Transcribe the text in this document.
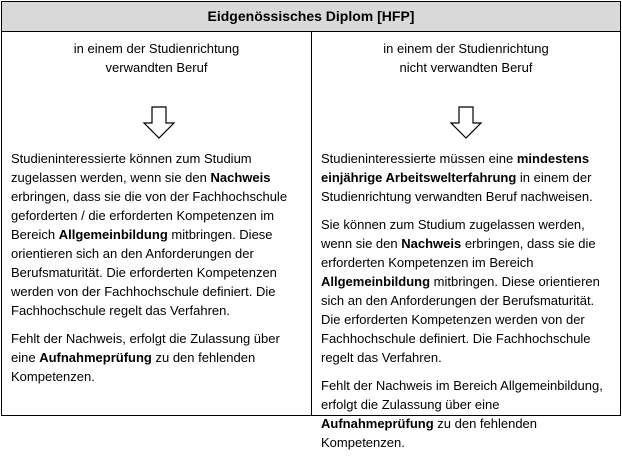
Eidgenössisches Diplom [HFP]
in einem der Studienrichtung
verwandten Beruf

Studieninteressierte können zum Studium zugelassen werden, wenn sie den Nachweis erbringen, dass sie die von der Fachhochschule geforderten / die erforderten Kompetenzen im Bereich Allgemeinbildung mitbringen. Diese orientieren sich an den Anforderungen der Berufsmaturität. Die erforderten Kompetenzen werden von der Fachhochschule definiert. Die Fachhochschule regelt das Verfahren.

Fehlt der Nachweis, erfolgt die Zulassung über eine Aufnahmeprüfung zu den fehlenden Kompetenzen.

in einem der Studienrichtung
nicht verwandten Beruf

Studieninteressierte müssen eine mindestens einjährige Arbeitswelterfahrung in einem der Studienrichtung verwandten Beruf nachweisen.

Sie können zum Studium zugelassen werden, wenn sie den Nachweis erbringen, dass sie die erforderten Kompetenzen im Bereich Allgemeinbildung mitbringen. Diese orientieren sich an den Anforderungen der Berufsmaturität. Die erforderten Kompetenzen werden von der Fachhochschule definiert. Die Fachhochschule regelt das Verfahren.

Fehlt der Nachweis im Bereich Allgemeinbildung, erfolgt die Zulassung über eine Aufnahmeprüfung zu den fehlenden Kompetenzen.
